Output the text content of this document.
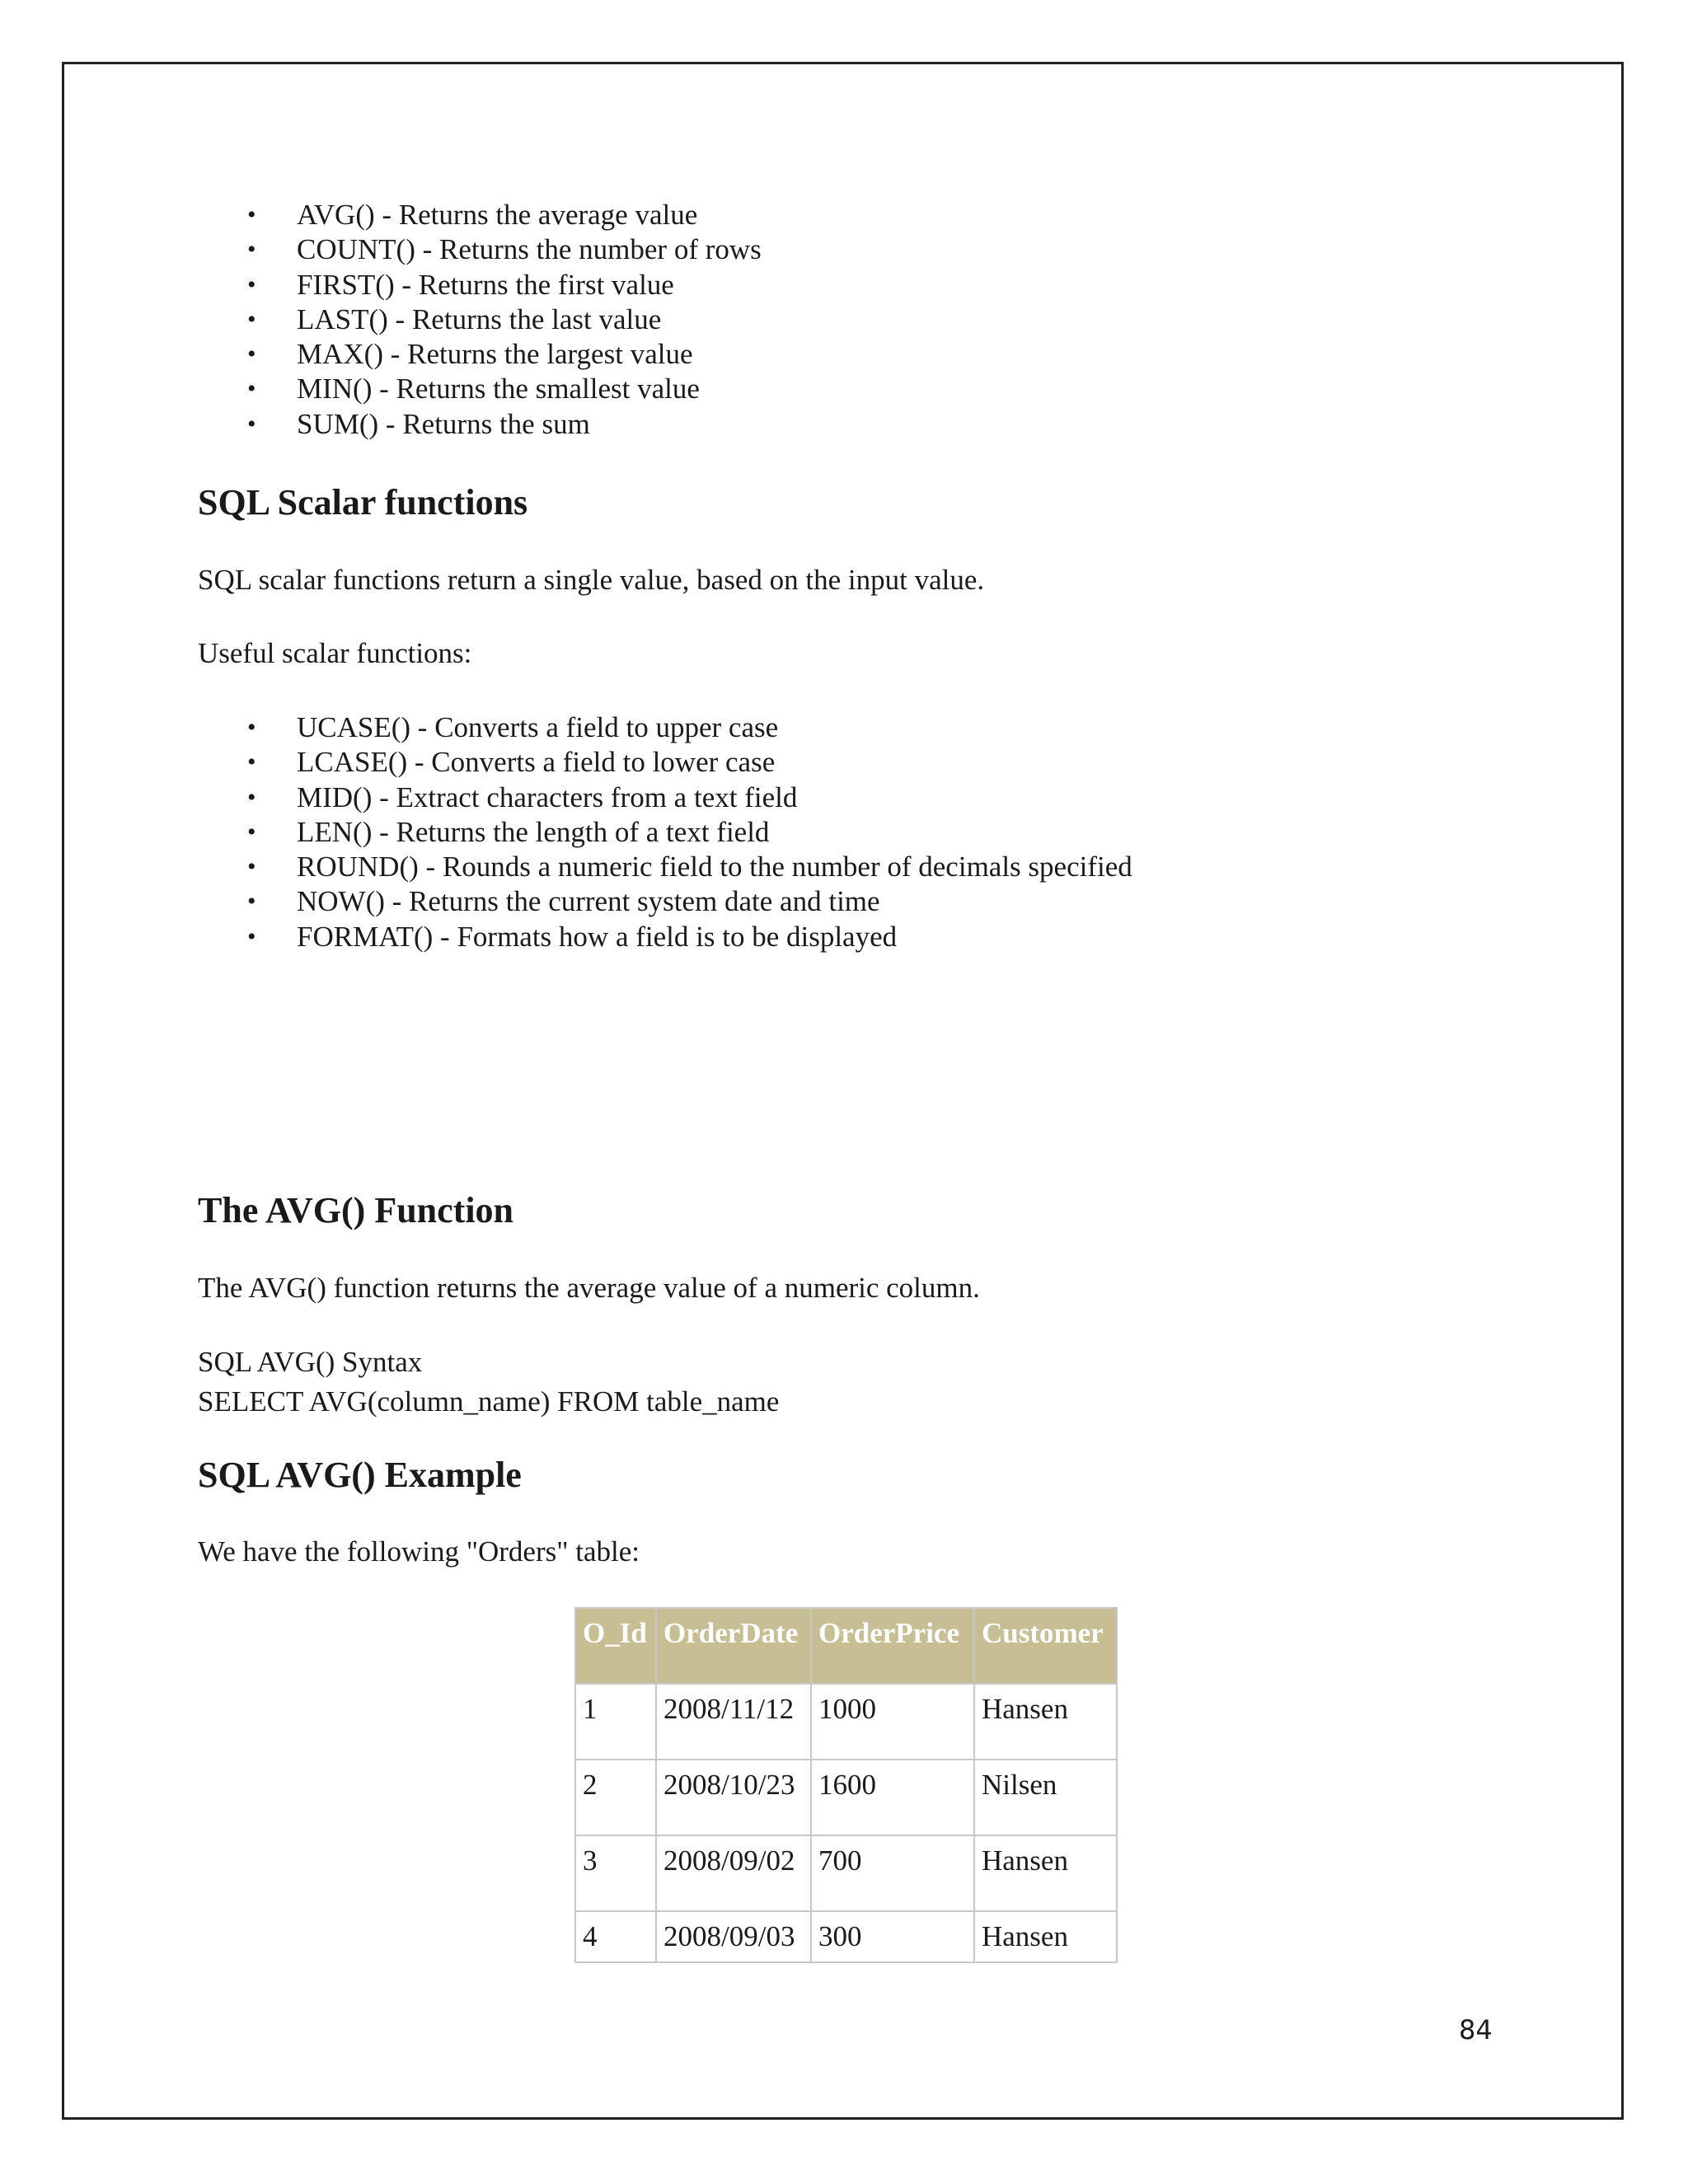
• AVG() - Returns the average value
• COUNT() - Returns the number of rows
• FIRST() - Returns the first value
• LAST() - Returns the last value
• MAX() - Returns the largest value
• MIN() - Returns the smallest value
• SUM() - Returns the sum
SQL Scalar functions
SQL scalar functions return a single value, based on the input value.
Useful scalar functions:
• UCASE() - Converts a field to upper case
• LCASE() - Converts a field to lower case
• MID() - Extract characters from a text field
• LEN() - Returns the length of a text field
• ROUND() - Rounds a numeric field to the number of decimals specified
• NOW() - Returns the current system date and time
• FORMAT() - Formats how a field is to be displayed
The AVG() Function
The AVG() function returns the average value of a numeric column.
SQL AVG() Syntax
SELECT AVG(column_name) FROM table_name
SQL AVG() Example
We have the following "Orders" table:
O_Id	OrderDate	OrderPrice	Customer
1	2008/11/12	1000	Hansen
2	2008/10/23	1600	Nilsen
3	2008/09/02	700	Hansen
4	2008/09/03	300	Hansen
84
